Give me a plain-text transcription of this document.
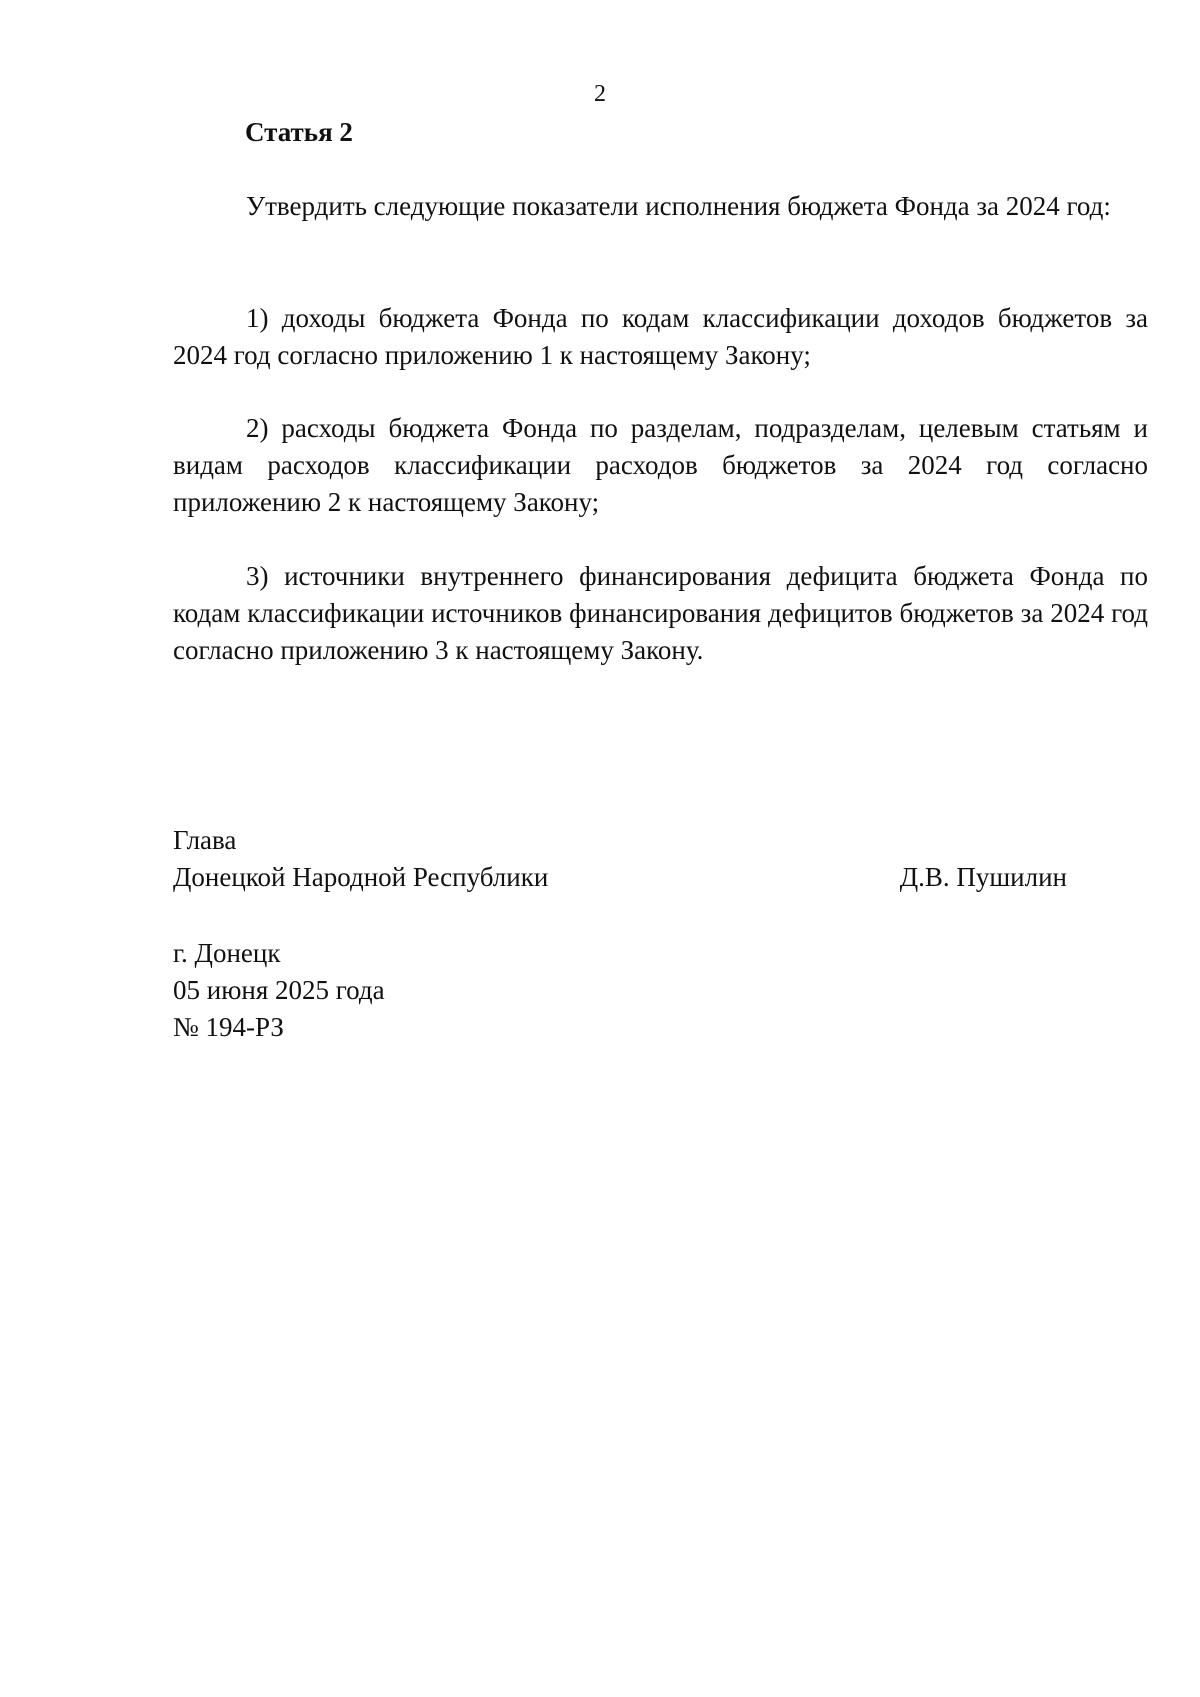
2
Статья 2

Утвердить следующие показатели исполнения бюджета Фонда за 2024 год:

1) доходы бюджета Фонда по кодам классификации доходов бюджетов за 2024 год согласно приложению 1 к настоящему Закону;

2) расходы бюджета Фонда по разделам, подразделам, целевым статьям и видам расходов классификации расходов бюджетов за 2024 год согласно приложению 2 к настоящему Закону;

3) источники внутреннего финансирования дефицита бюджета Фонда по кодам классификации источников финансирования дефицитов бюджетов за 2024 год согласно приложению 3 к настоящему Закону.

Глава
Донецкой Народной Республики	Д.В. Пушилин
г. Донецк
05 июня 2025 года
№ 194-РЗ
